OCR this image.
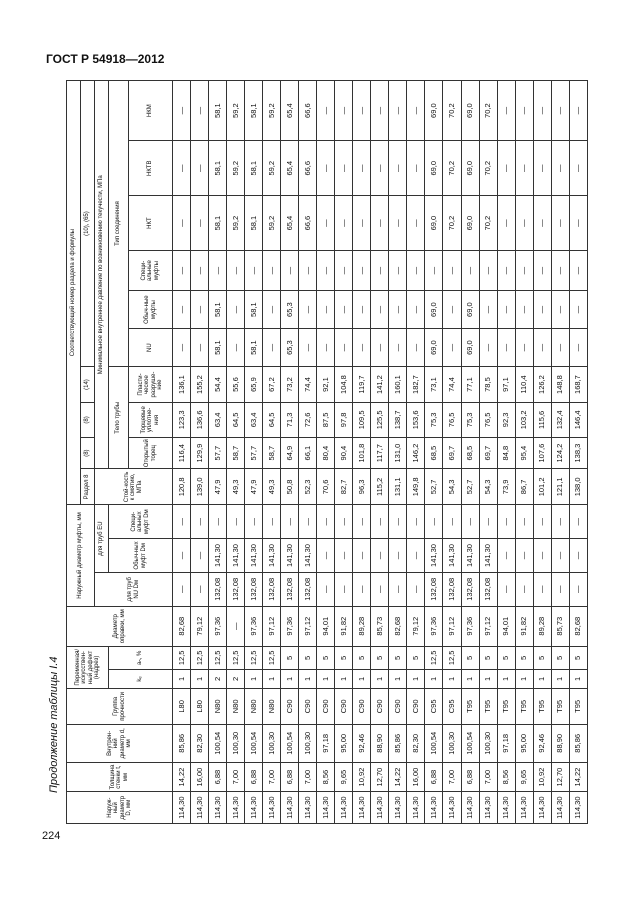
ГОСТ Р 54918—2012
Продолжение таблицы I.4
224
Наруж-ный диаметр D, мм	Толщина стенки t, мм	Внутрен-ний диаметр d, мм	Группа прочности	Переменная/ искусствен-ный дефект (надрез)		Диаметр оправки, мм	Наружный диаметр муфты, мм			Соответствующий номер раздела и формулы									
										Раздел 8	(8)	(8)	(14)	(10), (65)					
							для труб NU Dм	для труб EU		Стой-кость к смятию, МПа	Минимальное внутреннее давление по возникновению текучести, МПа								
				kₑ	aₙ, %			Обыч-ных муфт Dм	Специ-альных муфт Dм		Тело трубы			Тип соединения					
											Открытый торец	Торцевые уплотне-ния	Пласти-ческое разруше-ние	NU	Обыч-ные муфты	Специ-альные муфты	НКТ	НКТВ	НКМ
114,30	14,22	85,86	L80	1	12,5	82,68	—	—	—	120,8	116,4	123,3	136,1	—	—	—	—	—	—
114,30	16,00	82,30	L80	1	12,5	79,12	—	—	—	139,0	129,9	136,6	155,2	—	—	—	—	—	—
114,30	6,88	100,54	N80	2	12,5	97,36	132,08	141,30	—	47,9	57,7	63,4	54,4	58,1	58,1	—	58,1	58,1	58,1
114,30	7,00	100,30	N80	2	12,5	—	132,08	141,30	—	49,3	58,7	64,5	55,6	—	—	—	59,2	59,2	59,2
114,30	6,88	100,54	N80	1	12,5	97,36	132,08	141,30	—	47,9	57,7	63,4	65,9	58,1	58,1	—	58,1	58,1	58,1
114,30	7,00	100,30	N80	1	12,5	97,12	132,08	141,30	—	49,3	58,7	64,5	67,2	—	—	—	59,2	59,2	59,2
114,30	6,88	100,54	C90	1	5	97,36	132,08	141,30	—	50,8	64,9	71,3	73,2	65,3	65,3	—	65,4	65,4	65,4
114,30	7,00	100,30	C90	1	5	97,12	132,08	141,30	—	52,3	66,1	72,6	74,4	—	—	—	66,6	66,6	66,6
114,30	8,56	97,18	C90	1	5	94,01	—	—	—	70,6	80,4	87,5	92,1	—	—	—	—	—	—
114,30	9,65	95,00	C90	1	5	91,82	—	—	—	82,7	90,4	97,8	104,8	—	—	—	—	—	—
114,30	10,92	92,46	C90	1	5	89,28	—	—	—	96,3	101,8	109,5	119,7	—	—	—	—	—	—
114,30	12,70	88,90	C90	1	5	85,73	—	—	—	115,2	117,7	125,5	141,2	—	—	—	—	—	—
114,30	14,22	85,86	C90	1	5	82,68	—	—	—	131,1	131,0	138,7	160,1	—	—	—	—	—	—
114,30	16,00	82,30	C90	1	5	79,12	—	—	—	149,8	146,2	153,6	182,7	—	—	—	—	—	—
114,30	6,88	100,54	C95	1	12,5	97,36	132,08	141,30	—	52,7	68,5	75,3	73,1	69,0	69,0	—	69,0	69,0	69,0
114,30	7,00	100,30	C95	1	12,5	97,12	132,08	141,30	—	54,3	69,7	76,5	74,4	—	—	—	70,2	70,2	70,2
114,30	6,88	100,54	T95	1	5	97,36	132,08	141,30	—	52,7	68,5	75,3	77,1	69,0	69,0	—	69,0	69,0	69,0
114,30	7,00	100,30	T95	1	5	97,12	132,08	141,30	—	54,3	69,7	76,5	78,5	—	—	—	70,2	70,2	70,2
114,30	8,56	97,18	T95	1	5	94,01	—	—	—	73,9	84,8	92,3	97,1	—	—	—	—	—	—
114,30	9,65	95,00	T95	1	5	91,82	—	—	—	86,7	95,4	103,2	110,4	—	—	—	—	—	—
114,30	10,92	92,46	T95	1	5	89,28	—	—	—	101,2	107,6	115,6	126,2	—	—	—	—	—	—
114,30	12,70	88,90	T95	1	5	85,73	—	—	—	121,1	124,2	132,4	148,8	—	—	—	—	—	—
114,30	14,22	85,86	T95	1	5	82,68	—	—	—	138,0	138,3	146,4	168,7	—	—	—	—	—	—
